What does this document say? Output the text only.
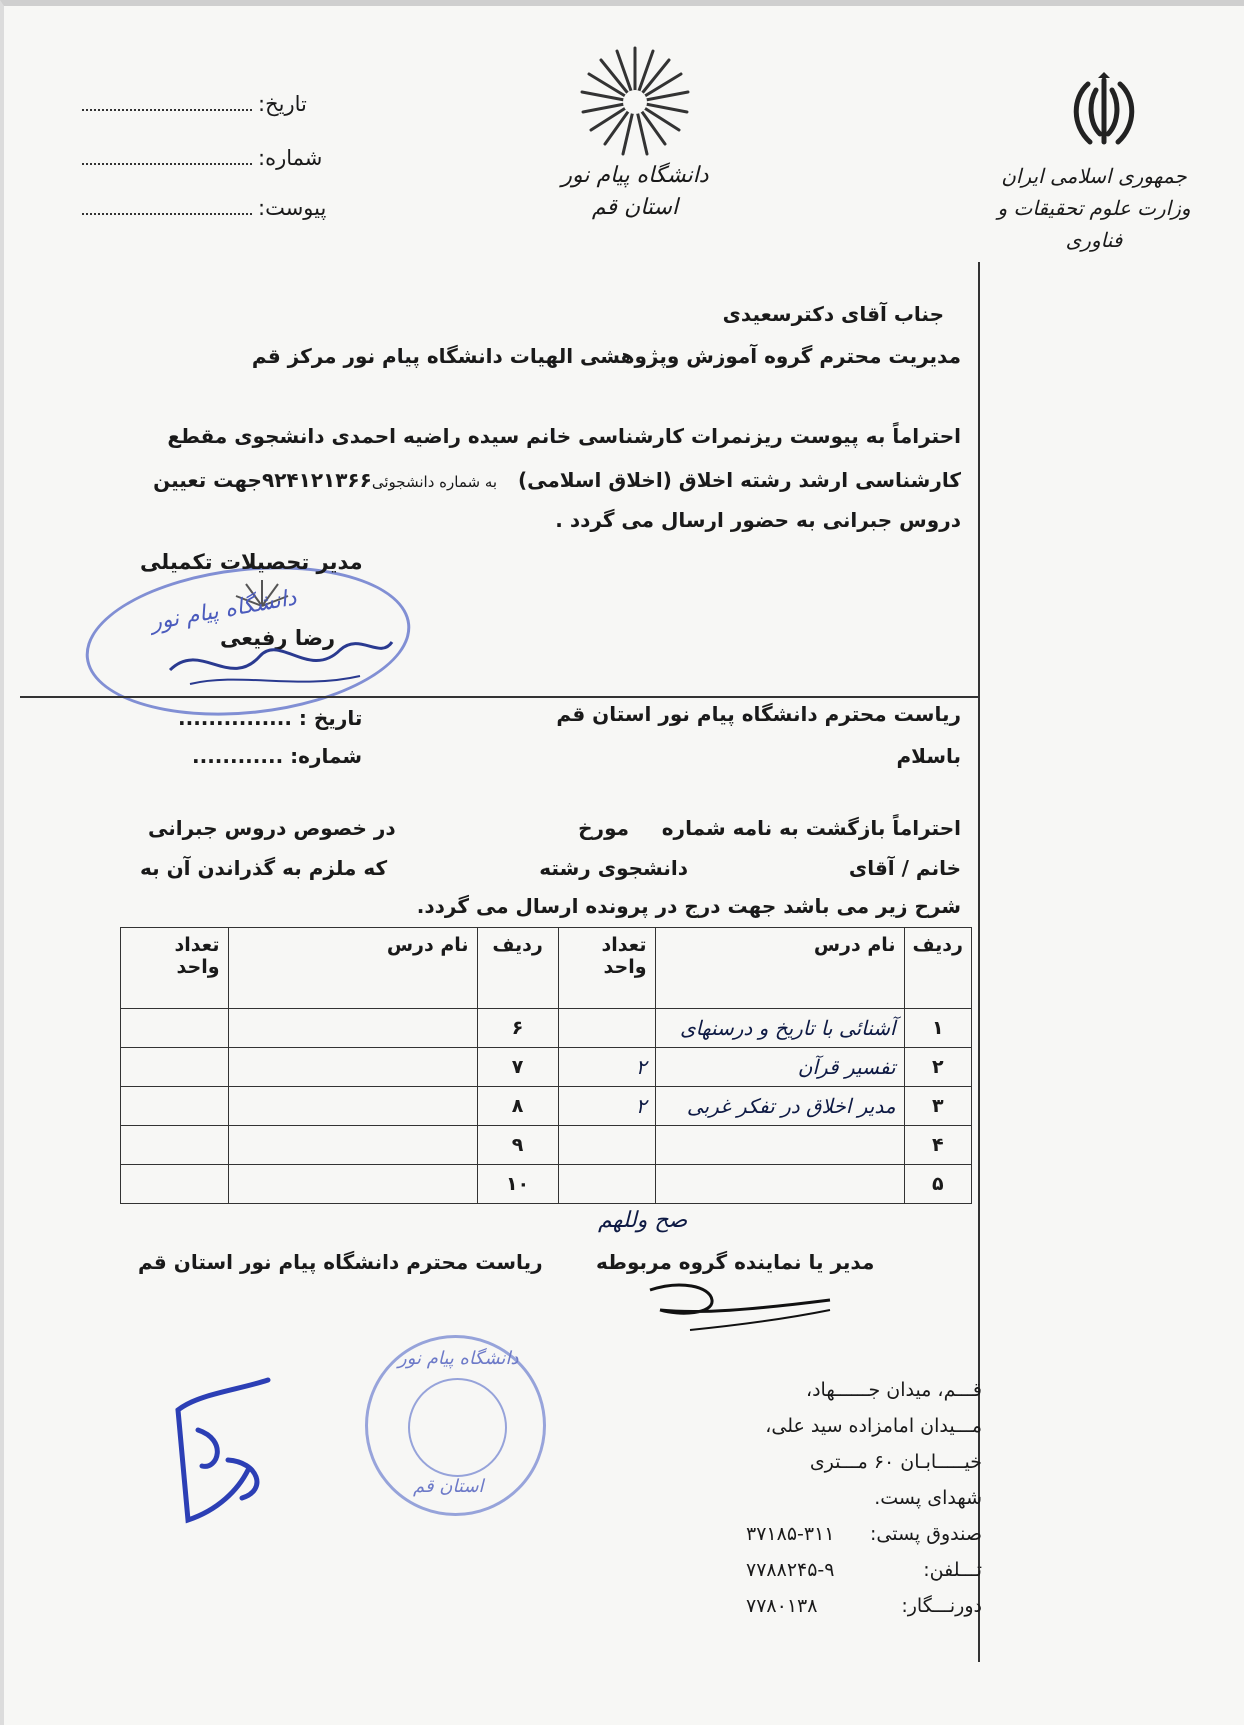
تاریخ:
شماره:
پیوست:
دانشگاه پیام نور
استان قم
جمهوری اسلامی ایران
وزارت علوم تحقیقات و فناوری
جناب آقای دکترسعیدی
مدیریت محترم گروه آموزش وپژوهشی الهیات دانشگاه پیام نور مرکز قم
احتراماً به پیوست ریزنمرات کارشناسی خانم سیده راضیه احمدی دانشجوی مقطع
کارشناسی ارشد رشته اخلاق (اخلاق اسلامی)   به شماره دانشجوئی۹۲۴۱۲۱۳۶۶جهت تعیین
دروس جبرانی به حضور ارسال می گردد .
مدیر تحصیلات تکمیلی
دانشگاه پیام نور
رضا رفیعی
تاریخ : ...............
شماره: ............
ریاست محترم دانشگاه پیام نور استان قم
باسلام
احتراماً بازگشت به نامه شماره
مورخ
در خصوص دروس جبرانی
خانم / آقای
دانشجوی رشته
که ملزم به گذراندن آن به
شرح زیر می باشد جهت درج در پرونده ارسال می گردد.
ردیف	نام درس	تعداد واحد	ردیف	نام درس	تعداد واحد
۱	آشنائی با تاریخ و درسنهای		۶		
۲	تفسیر قرآن	۲	۷		
۳	مدیر اخلاق در تفکر غربی	۲	۸		
۴			۹		
۵			۱۰		
صح وللهم
مدیر یا نماینده گروه مربوطه
ریاست محترم دانشگاه پیام نور استان قم
دانشگاه پیام نور
استان قم
قـــم، میدان جــــــهاد،
مـــیدان امامزاده سید علی،
خیـــــابـان ۶۰ مـــتری
شهدای پست.
صندوق پستی:
۳۷۱۸۵-۳۱۱
تـــلفن:
۷۷۸۸۲۴۵-۹
دورنـــگار:
۷۷۸۰۱۳۸
